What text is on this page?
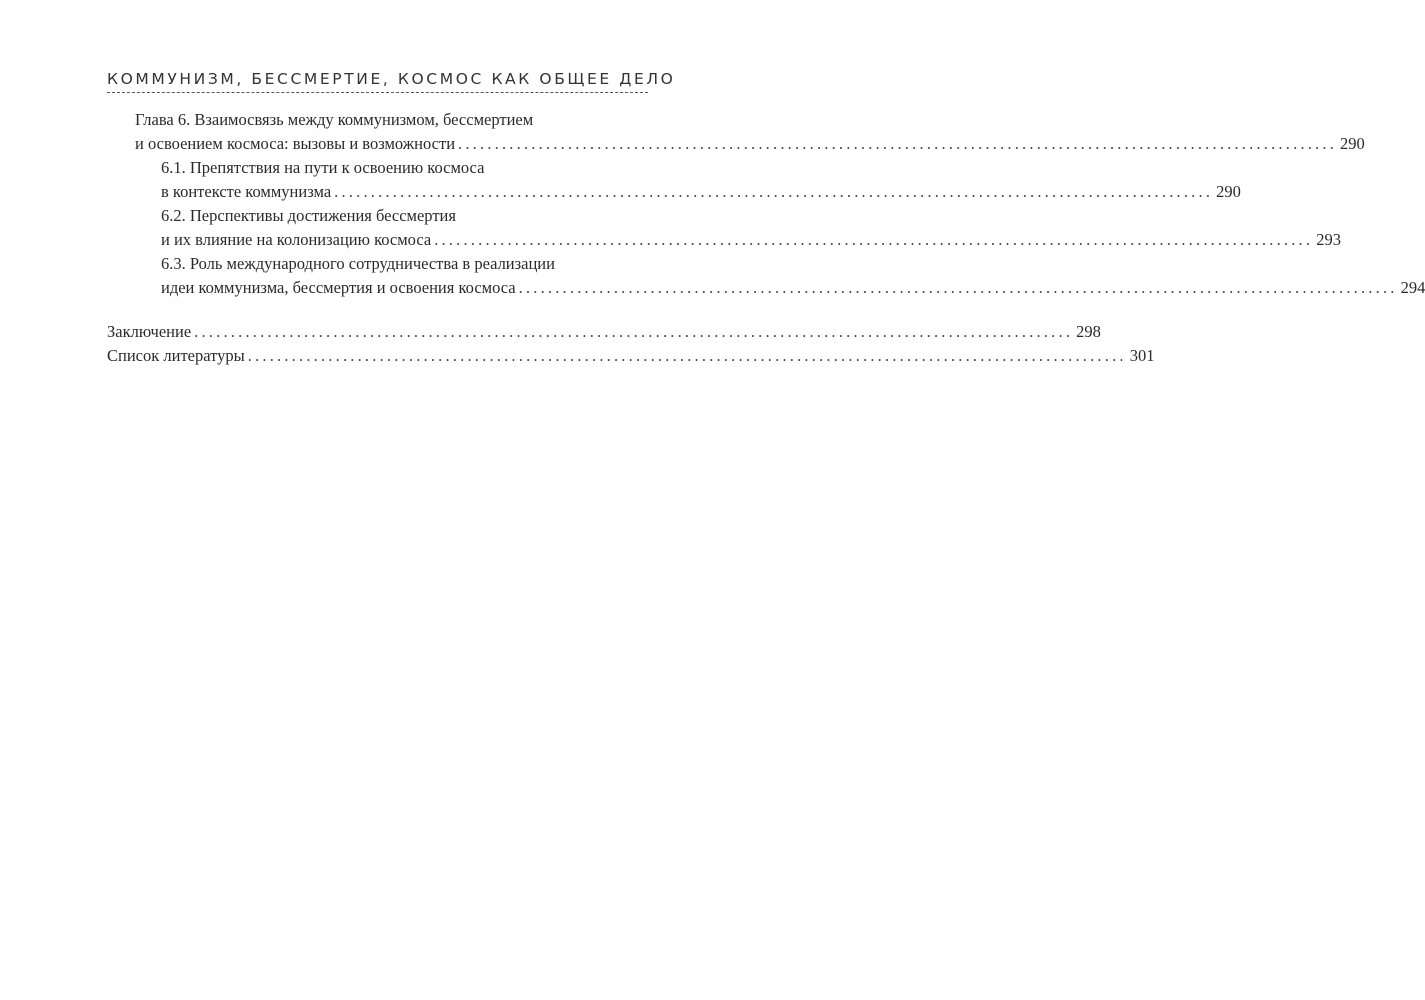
КОММУНИЗМ, БЕССМЕРТИЕ, КОСМОС КАК ОБЩЕЕ ДЕЛО
Глава 6. Взаимосвязь между коммунизмом, бессмертием
и освоением космоса: вызовы и возможности ........................................................................................................................ 290
6.1. Препятствия на пути к освоению космоса
в контексте коммунизма ........................................................................................................................ 290
6.2. Перспективы достижения бессмертия
и их влияние на колонизацию космоса ........................................................................................................................ 293
6.3. Роль международного сотрудничества в реализации
идеи коммунизма, бессмертия и освоения космоса ........................................................................................................................ 294
Заключение ........................................................................................................................ 298
Список литературы ........................................................................................................................ 301
